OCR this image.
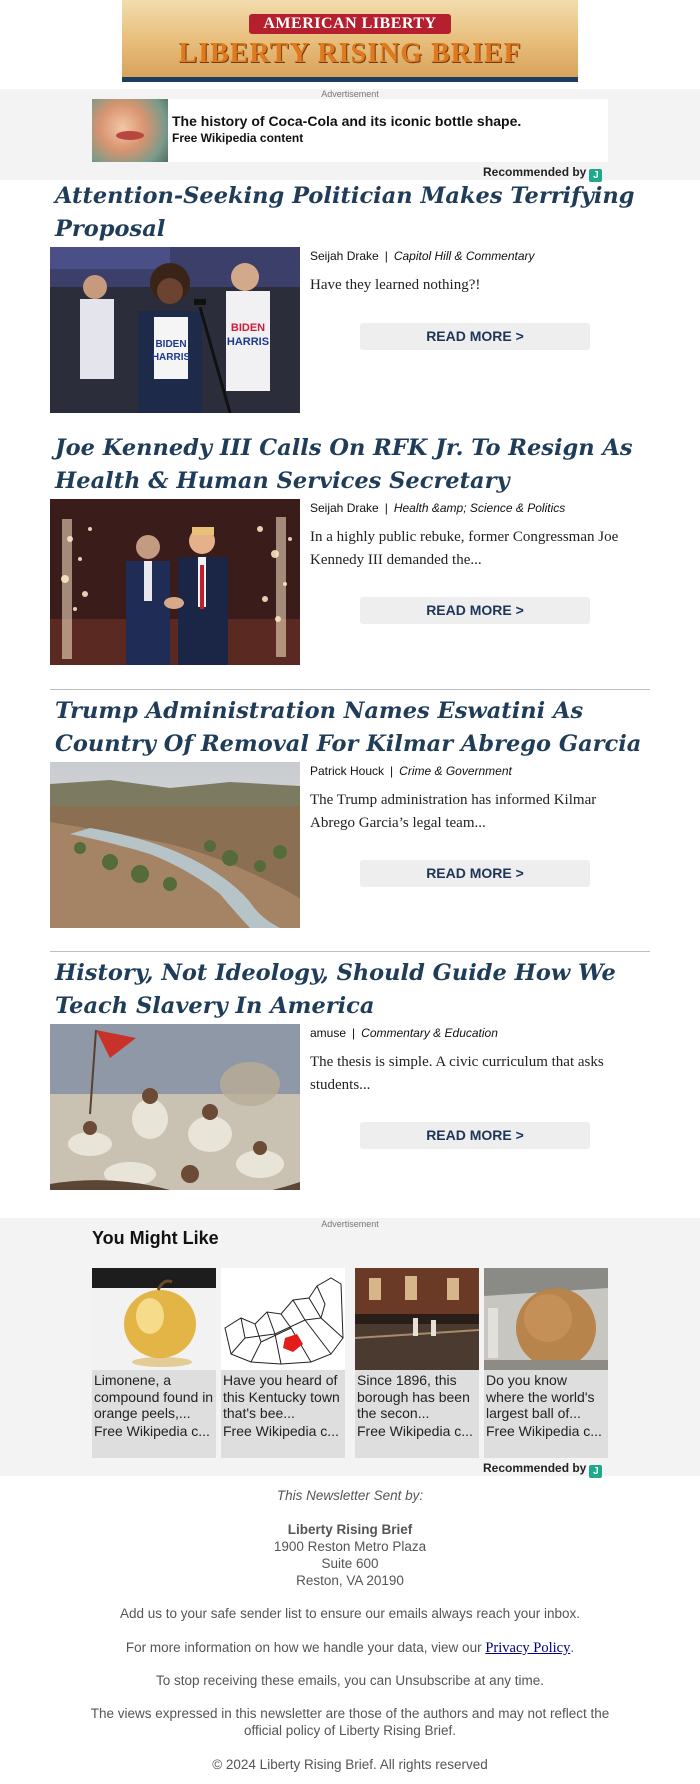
AMERICAN LIBERTY
LIBERTY RISING BRIEF
Advertisement
The history of Coca-Cola and its iconic bottle shape.
Free Wikipedia content
Recommended by J
Attention-Seeking Politician Makes Terrifying Proposal
BIDEN
HARRIS
BIDEN
HARRIS
Seijah Drake | Capitol Hill & Commentary
Have they learned nothing?!
READ MORE >
Joe Kennedy III Calls On RFK Jr. To Resign As Health & Human Services Secretary
Seijah Drake | Health &amp; Science & Politics
In a highly public rebuke, former Congressman Joe Kennedy III demanded the...
READ MORE >
Trump Administration Names Eswatini As Country Of Removal For Kilmar Abrego Garcia
Patrick Houck | Crime & Government
The Trump administration has informed Kilmar Abrego Garcia’s legal team...
READ MORE >
History, Not Ideology, Should Guide How We Teach Slavery In America
amuse | Commentary & Education
The thesis is simple. A civic curriculum that asks students...
READ MORE >
Advertisement
You Might Like
Limonene, a compound found in orange peels,...
Free Wikipedia c...
Have you heard of this Kentucky town that's bee...
Free Wikipedia c...
Since 1896, this borough has been the secon...
Free Wikipedia c...
Do you know where the world's largest ball of...
Free Wikipedia c...
Recommended by J
This Newsletter Sent by:
Liberty Rising Brief
1900 Reston Metro Plaza
Suite 600
Reston, VA 20190
Add us to your safe sender list to ensure our emails always reach your inbox.
For more information on how we handle your data, view our Privacy Policy.
To stop receiving these emails, you can Unsubscribe at any time.
The views expressed in this newsletter are those of the authors and may not reflect the official policy of Liberty Rising Brief.
© 2024 Liberty Rising Brief. All rights reserved
